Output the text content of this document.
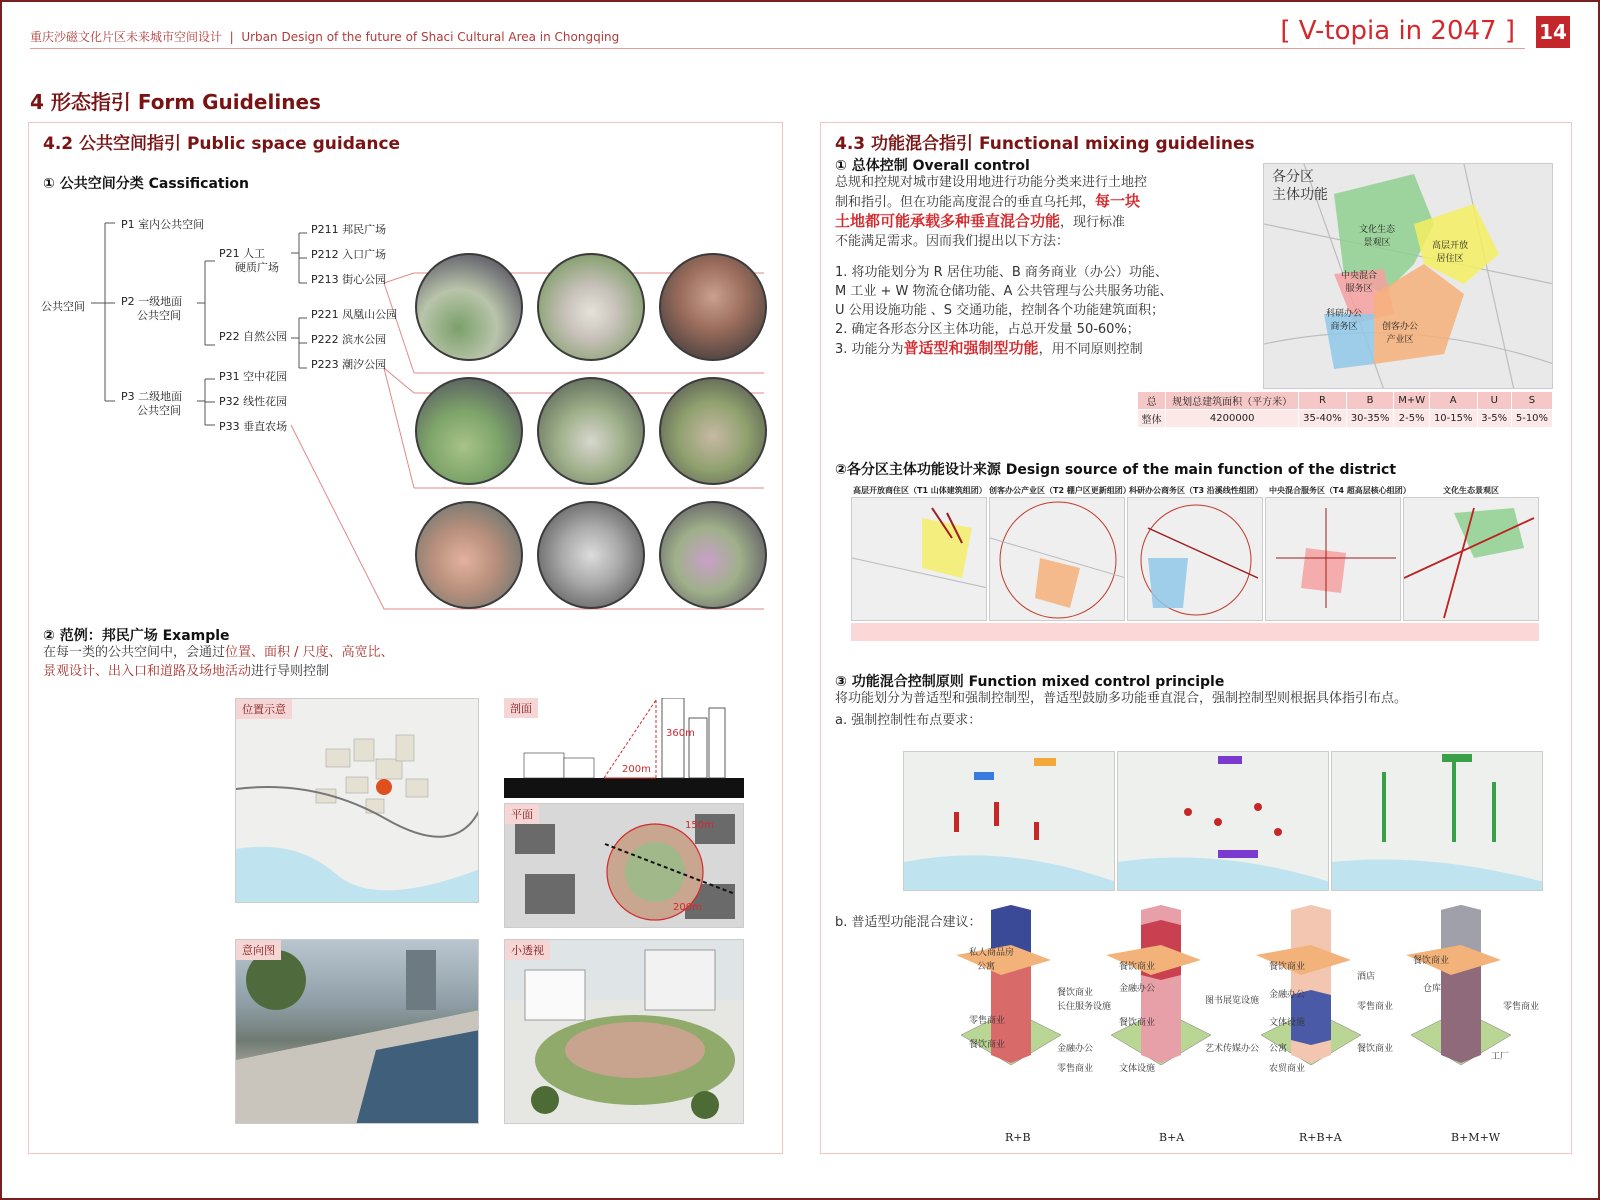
重庆沙磁文化片区未来城市空间设计  |  Urban Design of the future of Shaci Cultural Area in Chongqing	[ V-topia in 2047 ] 14
4 形态指引 Form Guidelines
4.2 公共空间指引 Public space guidance
① 公共空间分类 Cassification
公共空间
P1 室内公共空间
P2 一级地面
公共空间
P3 二级地面
公共空间
P21 人工
硬质广场
P22 自然公园
P211 邦民广场
P212 入口广场
P213 街心公园
P221 凤凰山公园
P222 滨水公园
P223 潮汐公园
P31 空中花园
P32 线性花园
P33 垂直农场
② 范例：邦民广场 Example
在每一类的公共空间中，会通过位置、面积 / 尺度、高宽比、
景观设计、出入口和道路及场地活动进行导则控制
位置示意	剖面
360m
200m
平面
150m
200m
意向图	小透视
4.3 功能混合指引 Functional mixing guidelines
① 总体控制 Overall control
总规和控规对城市建设用地进行功能分类来进行土地控
制和指引。但在功能高度混合的垂直乌托邦，每一块
土地都可能承载多种垂直混合功能，现行标准
不能满足需求。因而我们提出以下方法：
1. 将功能划分为 R 居住功能、B 商务商业（办公）功能、
M 工业 + W 物流仓储功能、A 公共管理与公共服务功能、
U 公用设施功能 、S 交通功能，控制各个功能建筑面积；
2. 确定各形态分区主体功能，占总开发量 50-60%；
3. 功能分为普适型和强制型功能，用不同原则控制
各分区
主体功能
文化生态
景观区	高层开放
居住区
中央混合
服务区
科研办公
商务区	创客办公
产业区
总	规划总建筑面积（平方米）	R	B	M+W	A	U	S
整体	4200000	35-40%	30-35%	2-5%	10-15%	3-5%	5-10%
②各分区主体功能设计来源 Design source of the main function of the district
高层开放商住区（T1 山体建筑组团） 创客办公产业区（T2 棚户区更新组团）
科研办公商务区（T3 沿溪线性组团） 中央混合服务区（T4 超高层核心组团）	文化生态景观区
③ 功能混合控制原则 Function mixed control principle
将功能划分为普适型和强制控制型，普适型鼓励多功能垂直混合，强制控制型则根据具体指引布点。
a. 强制控制性布点要求：
b. 普适型功能混合建议：
私人商品房
公寓
餐饮商业
长住服务设施
零售商业
餐饮商业	金融办公
零售商业
餐饮商业
金融办公
图书展览设施
餐饮商业
艺术传媒办公
文体设施
餐饮商业
酒店
金融办公
零售商业
文体设施
公寓	餐饮商业
农贸商业
餐饮商业
仓库
零售商业
工厂
R+B	B+A	R+B+A	B+M+W
